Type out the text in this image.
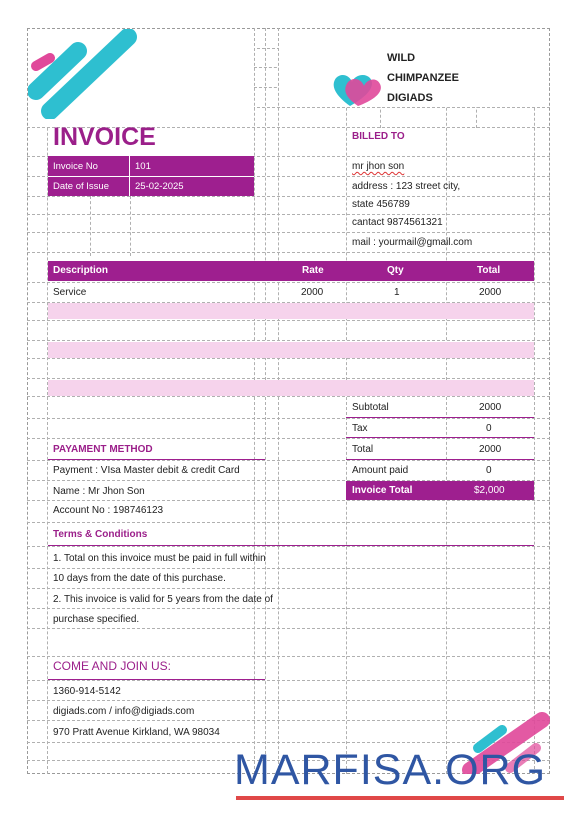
WILD
CHIMPANZEE
DIGIADS
INVOICE
Invoice No	101
Date of Issue	25-02-2025
BILLED TO
mr jhon son
address : 123 street city,
state 456789
cantact 9874561321
mail : yourmail@gmail.com
Description	Rate	Qty	Total
Service	2000	1	2000
Subtotal	2000
Tax	0
Total	2000
Amount paid	0
Invoice Total	$2,000
PAYAMENT METHOD
Payment : VIsa Master debit & credit Card
Name : Mr Jhon Son
Account No : 198746123
Terms & Conditions
1. Total on this invoice must be paid in full within
10 days from the date of this purchase.
2. This invoice is valid for 5 years from the date of
purchase specified.
COME AND JOIN US:
1360-914-5142
digiads.com / info@digiads.com
970 Pratt Avenue Kirkland, WA 98034
MARFISA.ORG
